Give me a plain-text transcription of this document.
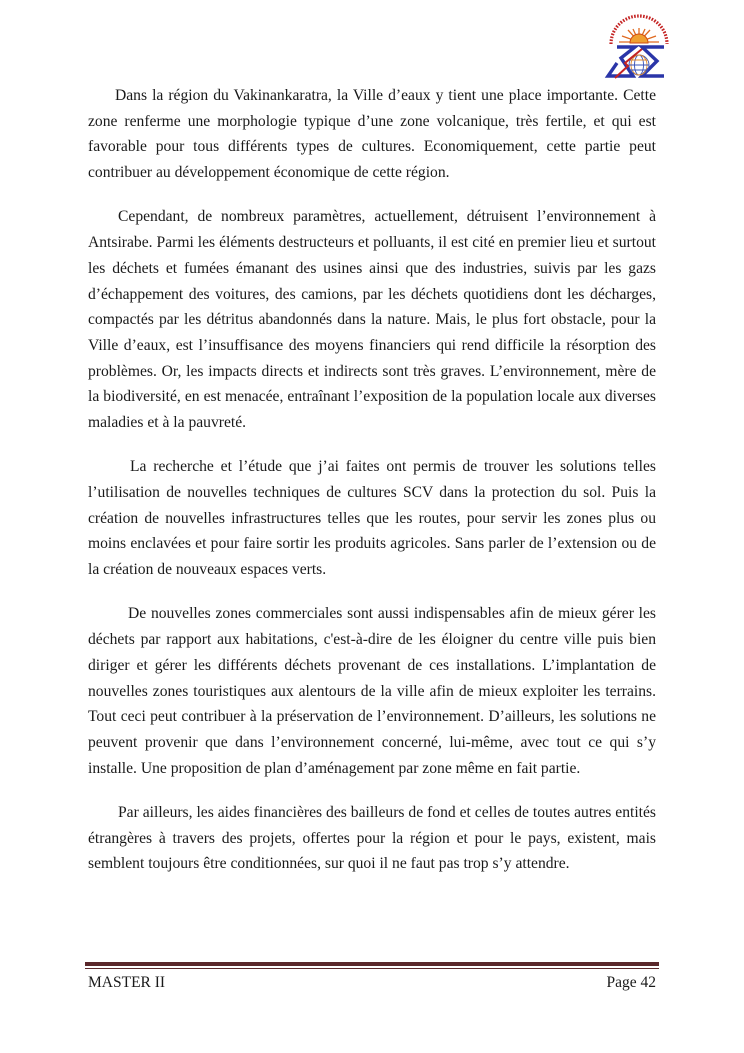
Dans la région du Vakinankaratra, la Ville d’eaux y tient une place importante. Cette zone renferme une morphologie typique d’une zone volcanique, très fertile, et qui est favorable pour tous différents types de cultures. Economiquement, cette partie peut contribuer au développement économique de cette région.

Cependant, de nombreux paramètres, actuellement, détruisent l’environnement à Antsirabe. Parmi les éléments destructeurs et polluants, il est cité en premier lieu et surtout les déchets et fumées émanant des usines ainsi que des industries, suivis par les gazs d’échappement des voitures, des camions, par les déchets quotidiens dont les décharges, compactés par les détritus abandonnés dans la nature. Mais, le plus fort obstacle, pour la Ville d’eaux, est l’insuffisance des moyens financiers qui rend difficile la résorption des problèmes. Or, les impacts directs et indirects sont très graves. L’environnement, mère de la biodiversité, en est menacée, entraînant l’exposition de la population locale aux diverses maladies et à la pauvreté.

La recherche et l’étude que j’ai faites ont permis de trouver les solutions telles l’utilisation de nouvelles techniques de cultures SCV dans la protection du sol. Puis la création de nouvelles infrastructures telles que les routes, pour servir les zones plus ou moins enclavées et pour faire sortir les produits agricoles. Sans parler de l’extension ou de la création de nouveaux espaces verts.

De nouvelles zones commerciales sont aussi indispensables afin de mieux gérer les déchets par rapport aux habitations, c'est-à-dire de les éloigner du centre ville puis bien diriger et gérer les différents déchets provenant de ces installations. L’implantation de nouvelles zones touristiques aux alentours de la ville afin de mieux exploiter les terrains. Tout ceci peut contribuer à la préservation de l’environnement. D’ailleurs, les solutions ne peuvent provenir que dans l’environnement concerné, lui-même, avec tout ce qui s’y installe. Une proposition de plan d’aménagement par zone même en fait partie.

Par ailleurs, les aides financières des bailleurs de fond et celles de toutes autres entités étrangères à travers des projets, offertes pour la région et pour le pays, existent, mais semblent toujours être conditionnées, sur quoi il ne faut pas trop s’y attendre.

MASTER II	Page 42
